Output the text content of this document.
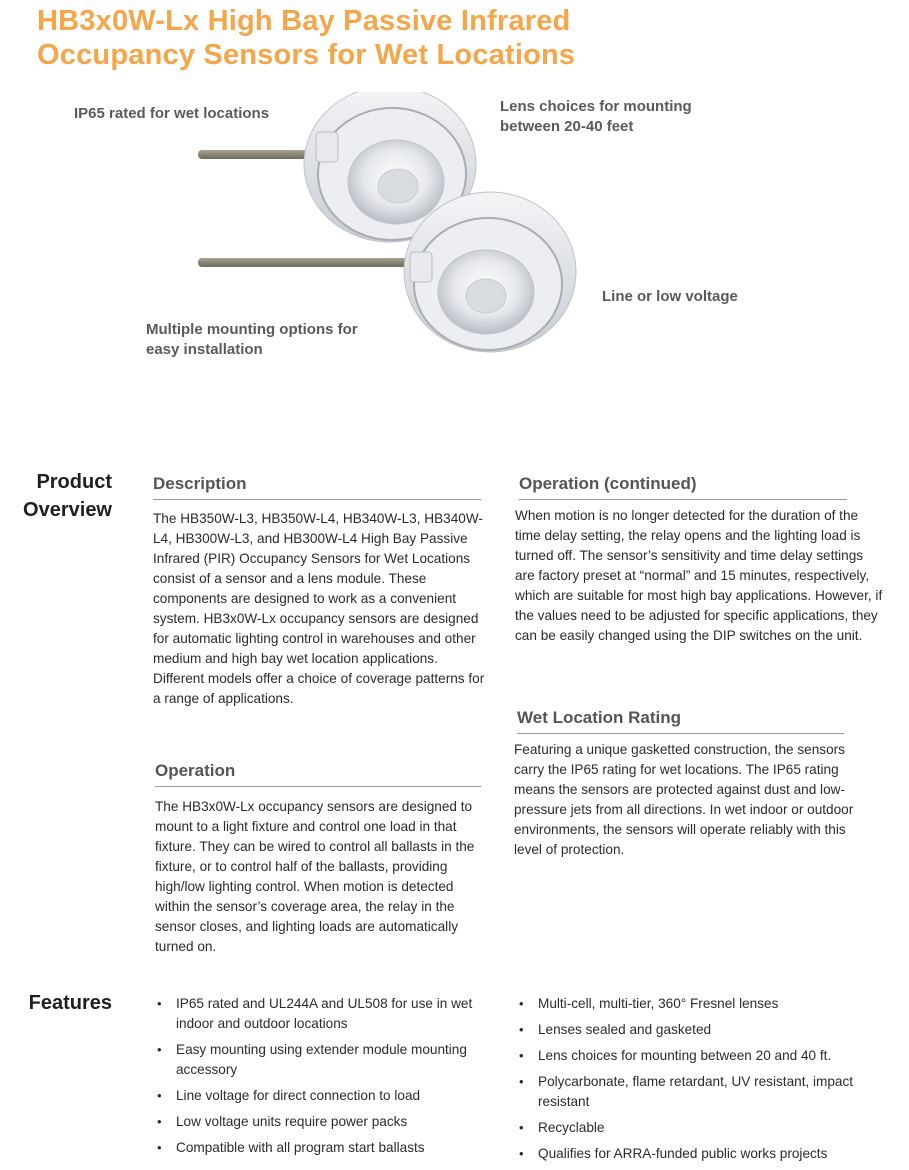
HB3x0W-Lx High Bay Passive Infrared
Occupancy Sensors for Wet Locations
IP65 rated for wet locations	Lens choices for mounting
between 20-40 feet
Line or low voltage
Multiple mounting options for
easy installation
Product
Overview
Description

The HB350W-L3, HB350W-L4, HB340W-L3, HB340W-L4, HB300W-L3, and HB300W-L4 High Bay Passive Infrared (PIR) Occupancy Sensors for Wet Locations consist of a sensor and a lens module. These components are designed to work as a convenient system. HB3x0W-Lx occupancy sensors are designed for automatic lighting control in warehouses and other medium and high bay wet location applications. Different models offer a choice of coverage patterns for a range of applications.

Operation

The HB3x0W-Lx occupancy sensors are designed to mount to a light fixture and control one load in that fixture. They can be wired to control all ballasts in the fixture, or to control half of the ballasts, providing high/low lighting control. When motion is detected within the sensor’s coverage area, the relay in the sensor closes, and lighting loads are automatically turned on.

Operation (continued)

When motion is no longer detected for the duration of the time delay setting, the relay opens and the lighting load is turned off. The sensor’s sensitivity and time delay settings are factory preset at “normal” and 15 minutes, respectively, which are suitable for most high bay applications. However, if the values need to be adjusted for specific applications, they can be easily changed using the DIP switches on the unit.

Wet Location Rating

Featuring a unique gasketted construction, the sensors carry the IP65 rating for wet locations. The IP65 rating means the sensors are protected against dust and low-pressure jets from all directions. In wet indoor or outdoor environments, the sensors will operate reliably with this level of protection.

Features	• IP65 rated and UL244A and UL508 for use in wet indoor and outdoor locations
• Easy mounting using extender module mounting accessory
• Line voltage for direct connection to load
• Low voltage units require power packs
• Compatible with all program start ballasts
• Multi-cell, multi-tier, 360° Fresnel lenses
• Lenses sealed and gasketed
• Lens choices for mounting between 20 and 40 ft.
• Polycarbonate, flame retardant, UV resistant, impact resistant
• Recyclable
• Qualifies for ARRA-funded public works projects
